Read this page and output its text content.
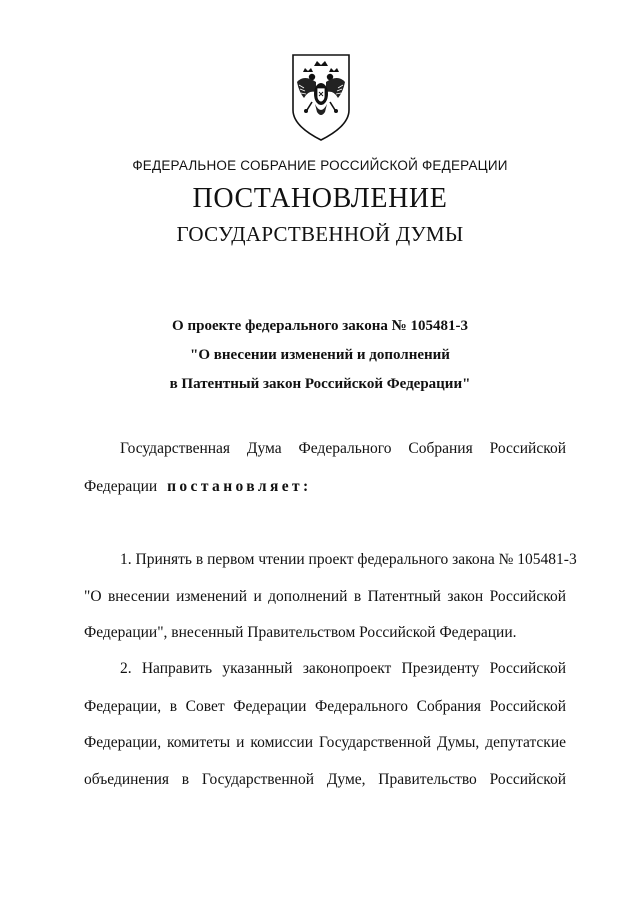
ФЕДЕРАЛЬНОЕ СОБРАНИЕ РОССИЙСКОЙ ФЕДЕРАЦИИ
ПОСТАНОВЛЕНИЕ
ГОСУДАРСТВЕННОЙ ДУМЫ
О проекте федерального закона № 105481-3
"О внесении изменений и дополнений
в Патентный закон Российской Федерации"
Государственная Дума Федерального Собрания Российской
Федерации постановляет:
1. Принять в первом чтении проект федерального закона № 105481-3
"О внесении изменений и дополнений в Патентный закон Российской
Федерации", внесенный Правительством Российской Федерации.
2. Направить указанный законопроект Президенту Российской
Федерации, в Совет Федерации Федерального Собрания Российской
Федерации, комитеты и комиссии Государственной Думы, депутатские
объединения в Государственной Думе, Правительство Российской
